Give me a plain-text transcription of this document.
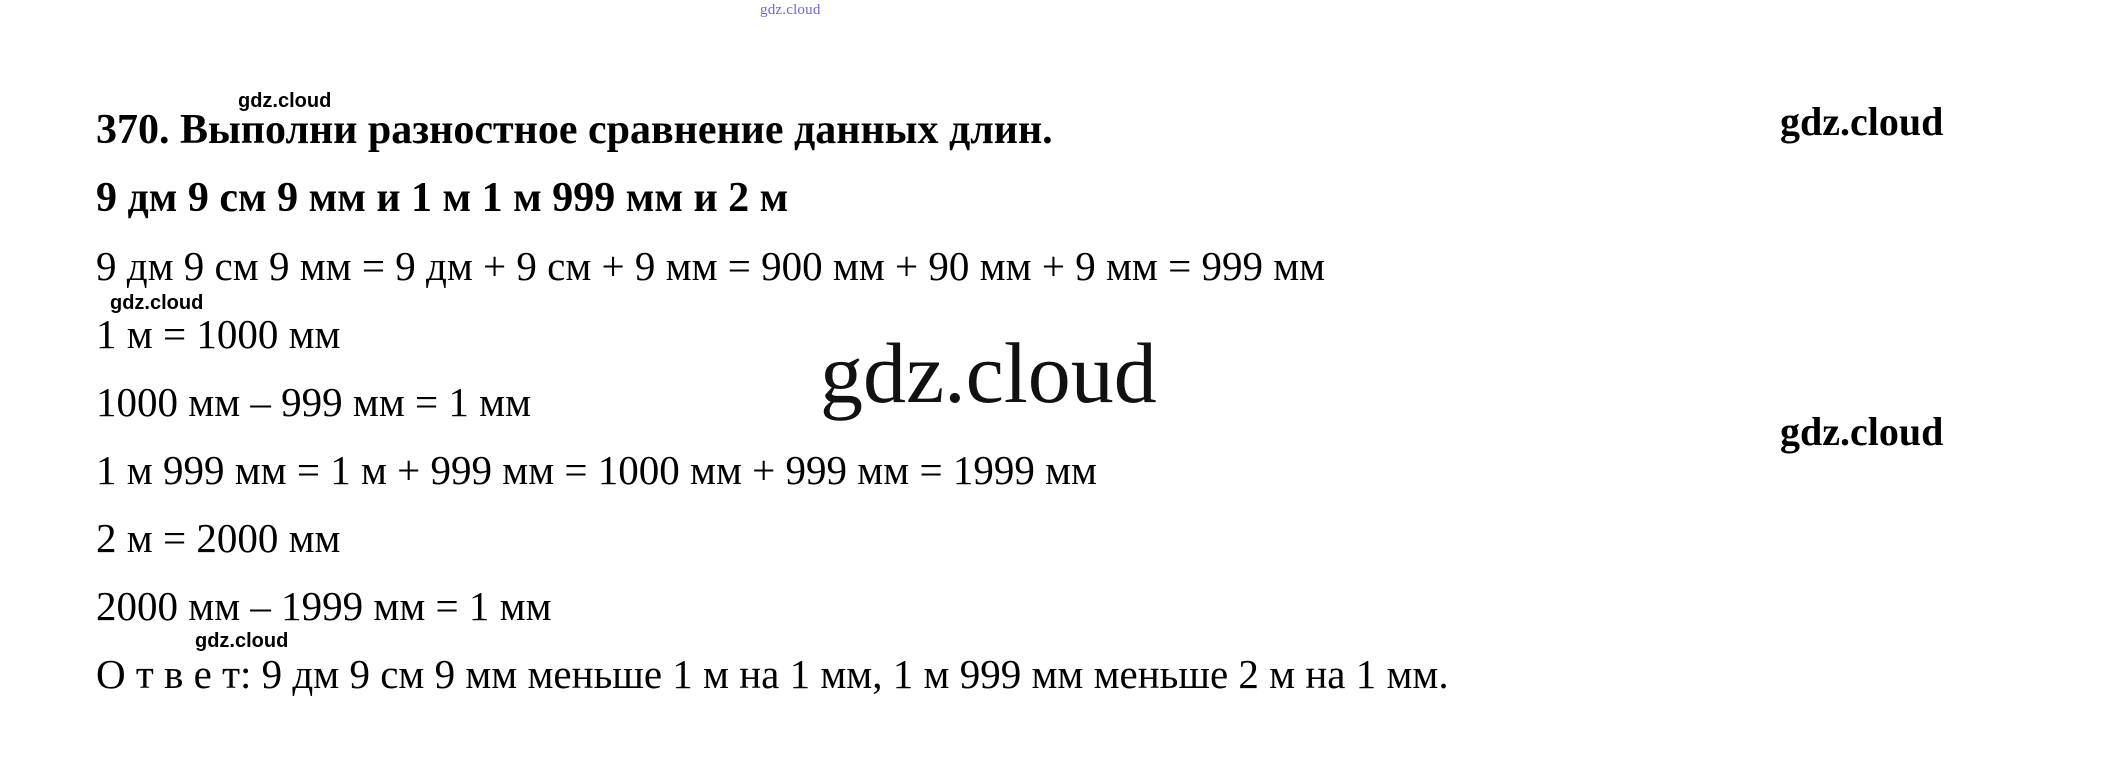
gdz.cloud
370. Выполни разностное сравнение данных длин.
9 дм 9 см 9 мм и 1 м 1 м 999 мм и 2 м
9 дм 9 см 9 мм = 9 дм + 9 см + 9 мм = 900 мм + 90 мм + 9 мм = 999 мм
1 м = 1000 мм
1000 мм – 999 мм = 1 мм
1 м 999 мм = 1 м + 999 мм = 1000 мм + 999 мм = 1999 мм
2 м = 2000 мм
2000 мм – 1999 мм = 1 мм
О т в е т: 9 дм 9 см 9 мм меньше 1 м на 1 мм, 1 м 999 мм меньше 2 м на 1 мм.
gdz.cloud
gdz.cloud
gdz.cloud
gdz.cloud
gdz.cloud
gdz.cloud
